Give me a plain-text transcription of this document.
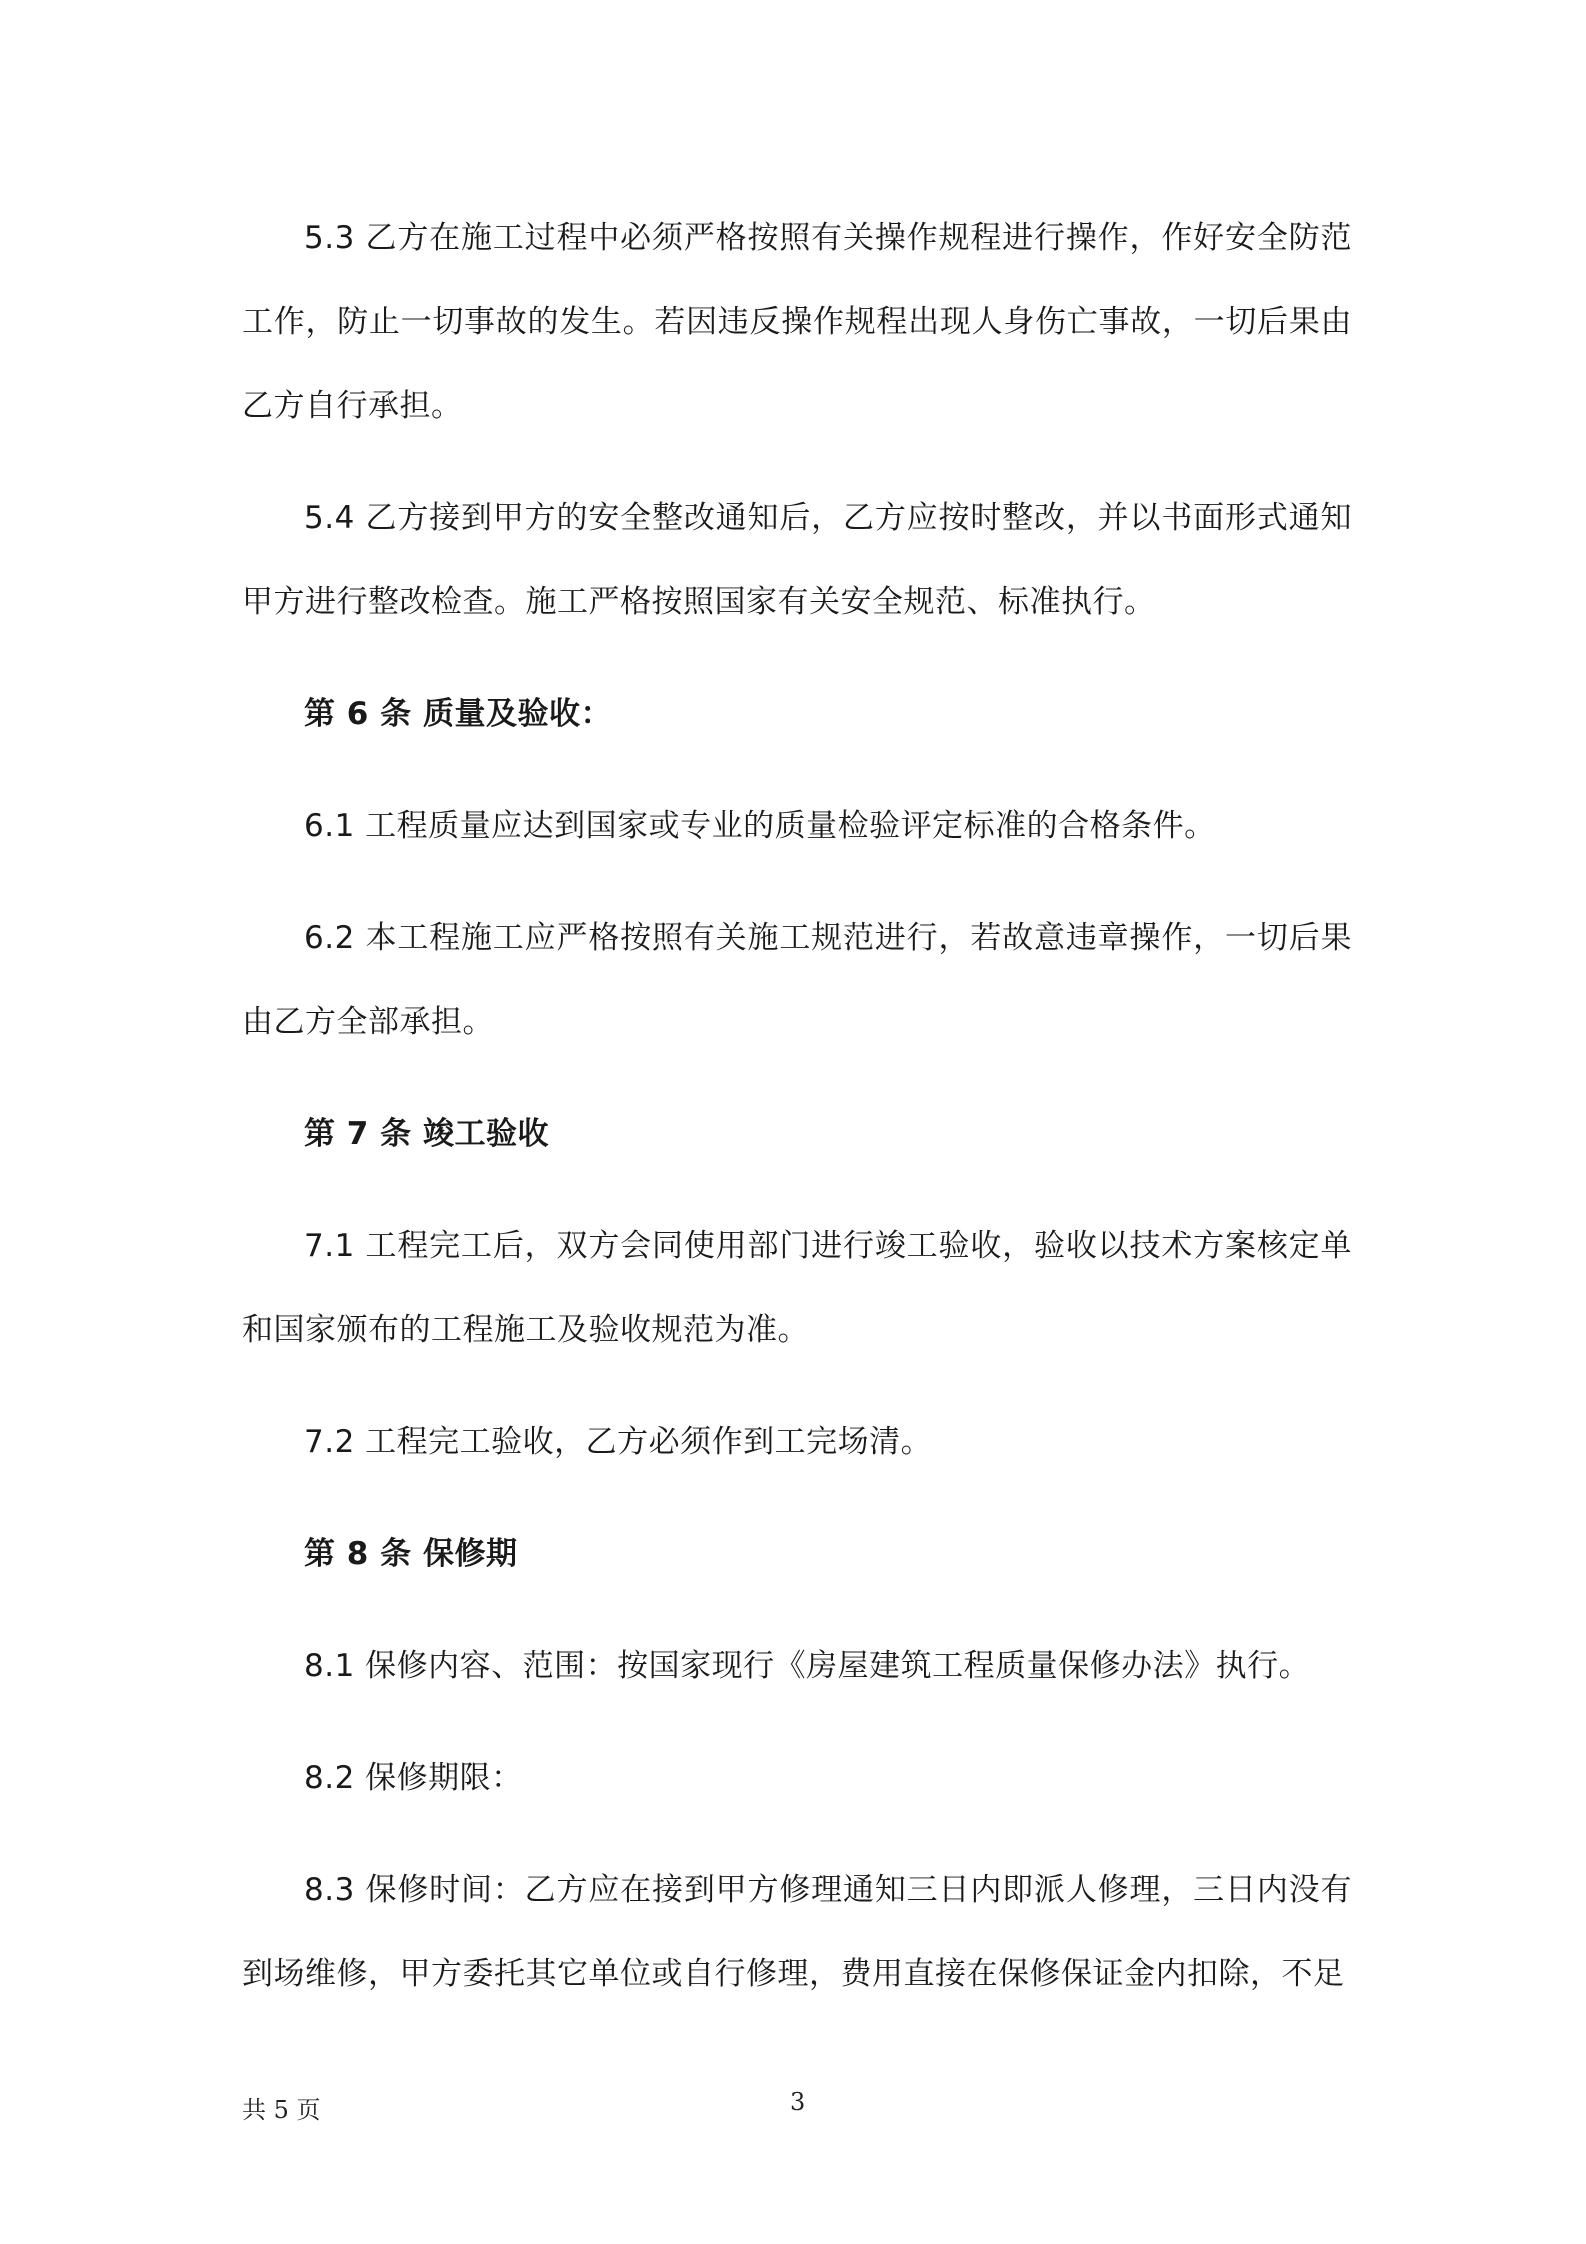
5.3 乙方在施工过程中必须严格按照有关操作规程进行操作，作好安全防范工作，防止一切事故的发生。若因违反操作规程出现人身伤亡事故，一切后果由乙方自行承担。

5.4 乙方接到甲方的安全整改通知后，乙方应按时整改，并以书面形式通知甲方进行整改检查。施工严格按照国家有关安全规范、标准执行。

第 6 条 质量及验收：

6.1 工程质量应达到国家或专业的质量检验评定标准的合格条件。

6.2 本工程施工应严格按照有关施工规范进行，若故意违章操作，一切后果由乙方全部承担。

第 7 条 竣工验收

7.1 工程完工后，双方会同使用部门进行竣工验收，验收以技术方案核定单和国家颁布的工程施工及验收规范为准。

7.2 工程完工验收，乙方必须作到工完场清。

第 8 条 保修期

8.1 保修内容、范围：按国家现行《房屋建筑工程质量保修办法》执行。

8.2 保修期限：

8.3 保修时间：乙方应在接到甲方修理通知三日内即派人修理，三日内没有到场维修，甲方委托其它单位或自行修理，费用直接在保修保证金内扣除，不足

共 5 页	3
